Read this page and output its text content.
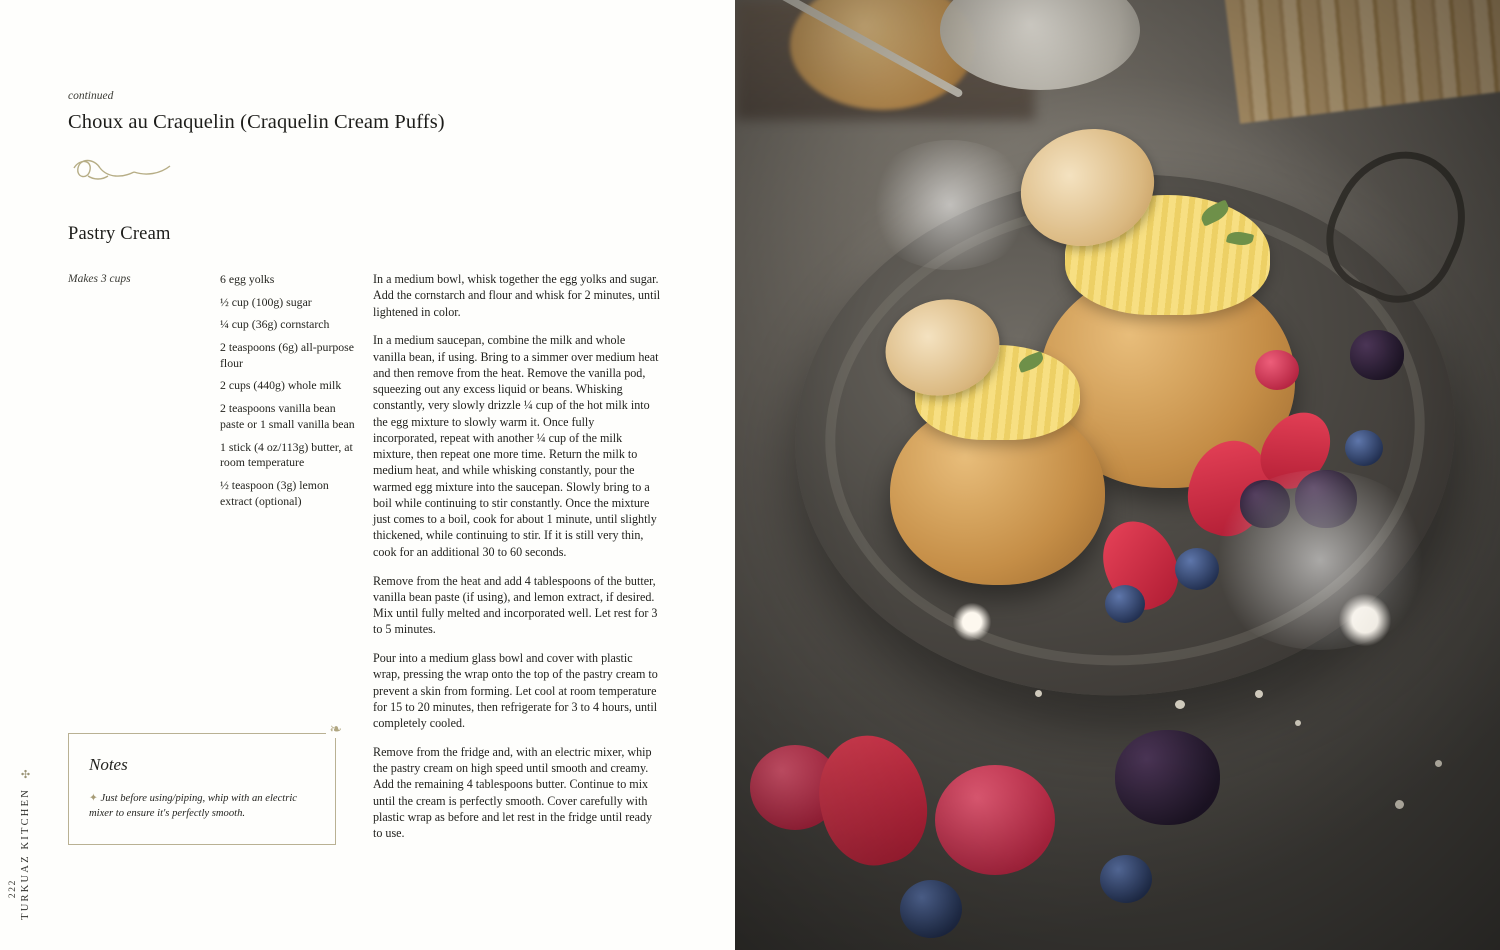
TURKUAZ KITCHEN
✣
222
continued
Choux au Craquelin (Craquelin Cream Puffs)
Pastry Cream
Makes 3 cups	6 egg yolks
½ cup (100g) sugar
¼ cup (36g) cornstarch
2 teaspoons (6g) all-purpose flour
2 cups (440g) whole milk
2 teaspoons vanilla bean paste or 1 small vanilla bean
1 stick (4 oz/113g) butter, at room temperature
½ teaspoon (3g) lemon extract (optional)

In a medium bowl, whisk together the egg yolks and sugar. Add the cornstarch and flour and whisk for 2 minutes, until lightened in color.

In a medium saucepan, combine the milk and whole vanilla bean, if using. Bring to a simmer over medium heat and then remove from the heat. Remove the vanilla pod, squeezing out any excess liquid or beans. Whisking constantly, very slowly drizzle ¼ cup of the hot milk into the egg mixture to slowly warm it. Once fully incorporated, repeat with another ¼ cup of the milk mixture, then repeat one more time. Return the milk to medium heat, and while whisking constantly, pour the warmed egg mixture into the saucepan. Slowly bring to a boil while continuing to stir constantly. Once the mixture just comes to a boil, cook for about 1 minute, until slightly thickened, while continuing to stir. If it is still very thin, cook for an additional 30 to 60 seconds.

Remove from the heat and add 4 tablespoons of the butter, vanilla bean paste (if using), and lemon extract, if desired. Mix until fully melted and incorporated well. Let rest for 3 to 5 minutes.

Pour into a medium glass bowl and cover with plastic wrap, pressing the wrap onto the top of the pastry cream to prevent a skin from forming. Let cool at room temperature for 15 to 20 minutes, then refrigerate for 3 to 4 hours, until completely cooled.

Remove from the fridge and, with an electric mixer, whip the pastry cream on high speed until smooth and creamy. Add the remaining 4 tablespoons butter. Continue to mix until the cream is perfectly smooth. Cover carefully with plastic wrap as before and let rest in the fridge until ready to use.

❧
Notes
✦ Just before using/piping, whip with an electric mixer to ensure it's perfectly smooth.
